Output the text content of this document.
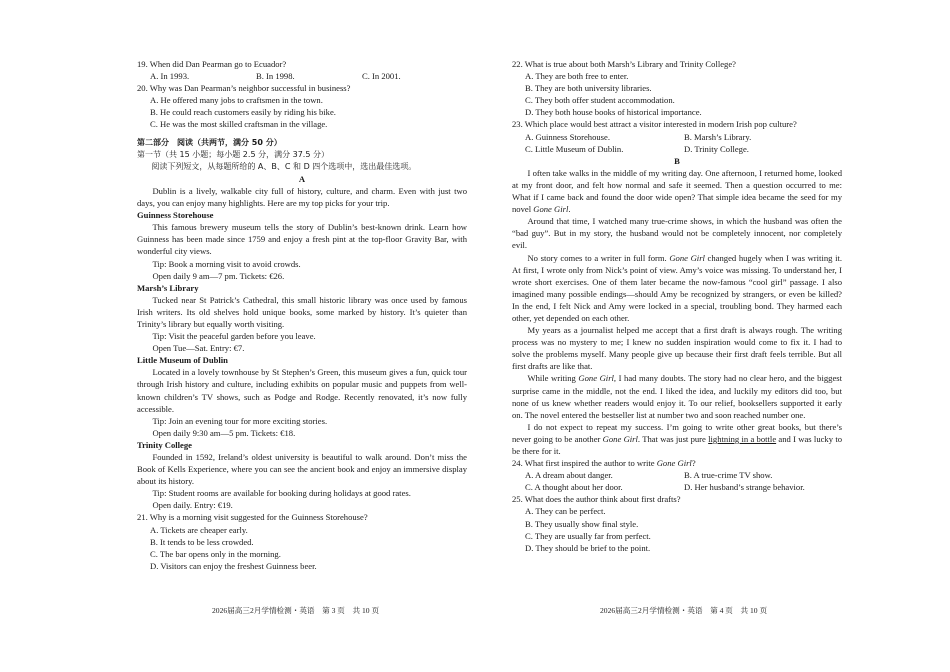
19. When did Dan Pearman go to Ecuador?

A. In 1993.	B. In 1998.	C. In 2001.

20. Why was Dan Pearman’s neighbor successful in business?

A. He offered many jobs to craftsmen in the town.

B. He could reach customers easily by riding his bike.

C. He was the most skilled craftsman in the village.

第二部分　阅读（共两节，满分 50 分）

第一节（共 15 小题；每小题 2.5 分，满分 37.5 分）

阅读下列短文，从每题所给的 A、B、C 和 D 四个选项中，选出最佳选项。

A

Dublin is a lively, walkable city full of history, culture, and charm. Even with just two days, you can enjoy many highlights. Here are my top picks for your trip.

Guinness Storehouse

This famous brewery museum tells the story of Dublin’s best-known drink. Learn how Guinness has been made since 1759 and enjoy a fresh pint at the top-floor Gravity Bar, with wonderful city views.

Tip: Book a morning visit to avoid crowds.

Open daily 9 am—7 pm. Tickets: €26.

Marsh’s Library

Tucked near St Patrick’s Cathedral, this small historic library was once used by famous Irish writers. Its old shelves hold unique books, some marked by history. It’s quieter than Trinity’s library but equally worth visiting.

Tip: Visit the peaceful garden before you leave.

Open Tue—Sat. Entry: €7.

Little Museum of Dublin

Located in a lovely townhouse by St Stephen’s Green, this museum gives a fun, quick tour through Irish history and culture, including exhibits on popular music and puppets from well-known children’s TV shows, such as Podge and Rodge. Recently renovated, it’s now fully accessible.

Tip: Join an evening tour for more exciting stories.

Open daily 9:30 am—5 pm. Tickets: €18.

Trinity College

Founded in 1592, Ireland’s oldest university is beautiful to walk around. Don’t miss the Book of Kells Experience, where you can see the ancient book and enjoy an immersive display about its history.

Tip: Student rooms are available for booking during holidays at good rates.

Open daily. Entry: €19.

21. Why is a morning visit suggested for the Guinness Storehouse?

A. Tickets are cheaper early.

B. It tends to be less crowded.

C. The bar opens only in the morning.

D. Visitors can enjoy the freshest Guinness beer.

22. What is true about both Marsh’s Library and Trinity College?

A. They are both free to enter.

B. They are both university libraries.

C. They both offer student accommodation.

D. They both house books of historical importance.

23. Which place would best attract a visitor interested in modern Irish pop culture?

A. Guinness Storehouse.	B. Marsh’s Library.
C. Little Museum of Dublin.	D. Trinity College.

B

I often take walks in the middle of my writing day. One afternoon, I returned home, looked at my front door, and felt how normal and safe it seemed. Then a question occurred to me: What if I came back and found the door wide open? That simple idea became the seed for my novel Gone Girl.

Around that time, I watched many true-crime shows, in which the husband was often the “bad guy”. But in my story, the husband would not be completely innocent, nor completely evil.

No story comes to a writer in full form. Gone Girl changed hugely when I was writing it. At first, I wrote only from Nick’s point of view. Amy’s voice was missing. To understand her, I wrote short exercises. One of them later became the now-famous “cool girl” passage. I also imagined many possible endings—should Amy be recognized by strangers, or even be killed? In the end, I felt Nick and Amy were locked in a special, troubling bond. They harmed each other, yet depended on each other.

My years as a journalist helped me accept that a first draft is always rough. The writing process was no mystery to me; I knew no sudden inspiration would come to fix it. I had to solve the problems myself. Many people give up because their first draft feels terrible. But all first drafts are like that.

While writing Gone Girl, I had many doubts. The story had no clear hero, and the biggest surprise came in the middle, not the end. I liked the idea, and luckily my editors did too, but none of us knew whether readers would enjoy it. To our relief, booksellers supported it early on. The novel entered the bestseller list at number two and soon reached number one.

I do not expect to repeat my success. I’m going to write other great books, but there’s never going to be another Gone Girl. That was just pure lightning in a bottle and I was lucky to be there for it.

24. What first inspired the author to write Gone Girl?

A. A dream about danger.	B. A true-crime TV show.
C. A thought about her door.	D. Her husband’s strange behavior.

25. What does the author think about first drafts?

A. They can be perfect.

B. They usually show final style.

C. They are usually far from perfect.

D. They should be brief to the point.

2026届高三2月学情检测・英语　第 3 页　共 10 页	2026届高三2月学情检测・英语　第 4 页　共 10 页
